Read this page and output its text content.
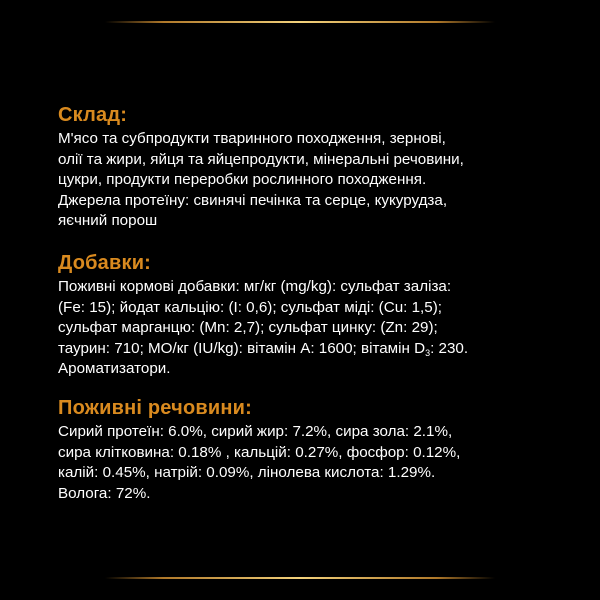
Склад:

М'ясо та субпродукти тваринного походження, зернові,

олії та жири, яйця та яйцепродукти, мінеральні речовини,

цукри, продукти переробки рослинного походження.

Джерела протеїну: свинячі печінка та серце, кукурудза,

яєчний порош

Добавки:

Поживні кормові добавки: мг/кг (mg/kg): сульфат заліза:

(Fe: 15); йодат кальцію: (I: 0,6); сульфат міді: (Cu: 1,5);

сульфат марганцю: (Mn: 2,7); сульфат цинку: (Zn: 29);

таурин: 710; МО/кг (IU/kg): вітамін А: 1600; вітамін $D_3$: 230.

Ароматизатори.

Поживні речовини:

Сирий протеїн: 6.0%, сирий жир: 7.2%, сира зола: 2.1%,

сира клітковина: 0.18% , кальцій: 0.27%, фосфор: 0.12%,

калій: 0.45%, натрій: 0.09%, лінолева кислота: 1.29%.

Волога: 72%.
